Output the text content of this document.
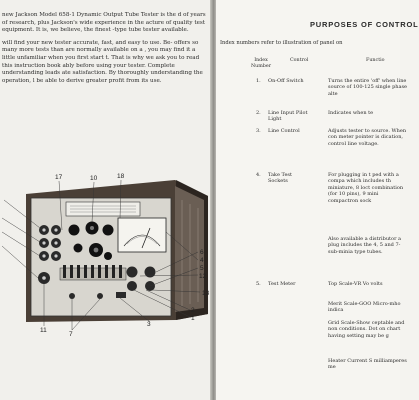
new Jackson Model 658-1 Dynamic Output Tube Tester is the d of years of research, plus Jackson's wide experience in the acture of quality test equipment. It is, we believe, the finest -type tube tester available.

will find your new tester accurate, fast, and easy to use. Be- offers so many more tests than are normally available on a , you may find it a little unfamiliar when you first start t. That is why we ask you to read this instruction book ably before using your tester. Complete understanding leads ate satisfaction. By thoroughly understanding the operation, l be able to derive greater profit from its use.

17	10	18
6
4
5
12
13
2
1
3
11
7
PURPOSES OF CONTROL

Index numbers refer to illustration of panel on

Index
Number
Control	Functio
1. On-Off Switch	Turns the entire 'off' when line source of 100-125 single phase alte
2. Line Input Pilot
Light
Indicates when te
3. Line Control	Adjusts tester to source. When con meter pointer is dication, control line voltage.
4. Take Test
Sockets
For plugging in t ped with a compa which includes th miniature, 8 loct combination (for 10 pins), 9 mini compactron sock
Also available a distributor a plug includes the 4, 5 and 7-sub-minia type tubes.
5. Test Meter	Top Scale-VR Vo volts
Merit Scale-GOO Micro-mho indica
Grid Scale-Show ceptable and non conditions. Dot on chart having setting may be g
Heater Current S milliamperes me
